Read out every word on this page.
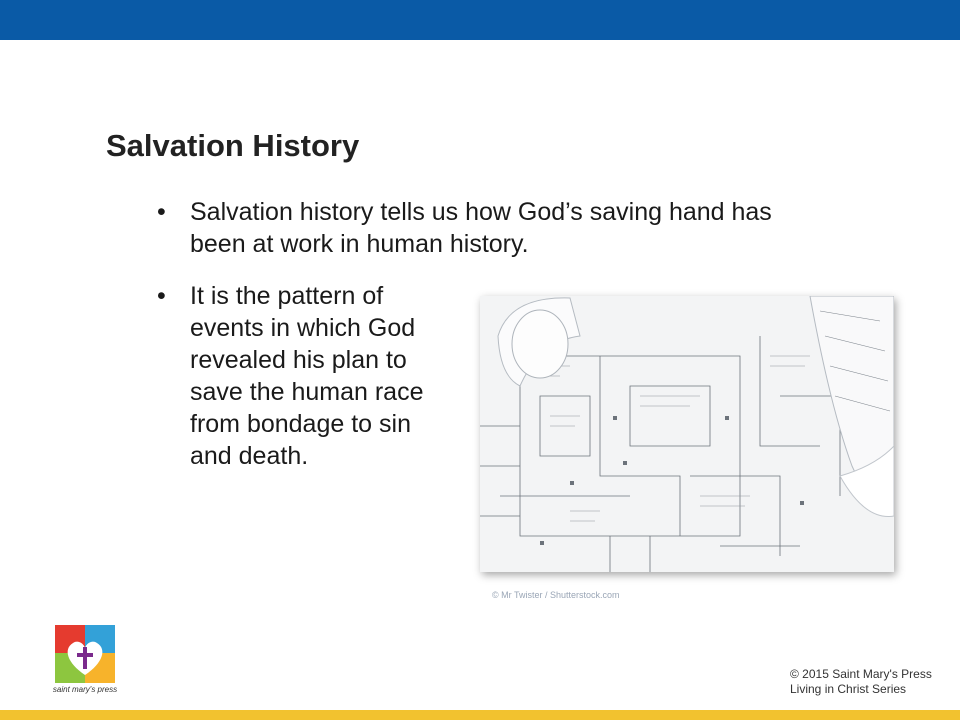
Salvation History
• Salvation history tells us how God’s saving hand has been at work in human history.
• It is the pattern of events in which God revealed his plan to save the human race from bondage to sin and death.
© Mr Twister / Shutterstock.com
saint mary's press
© 2015 Saint Mary's Press
Living in Christ Series
